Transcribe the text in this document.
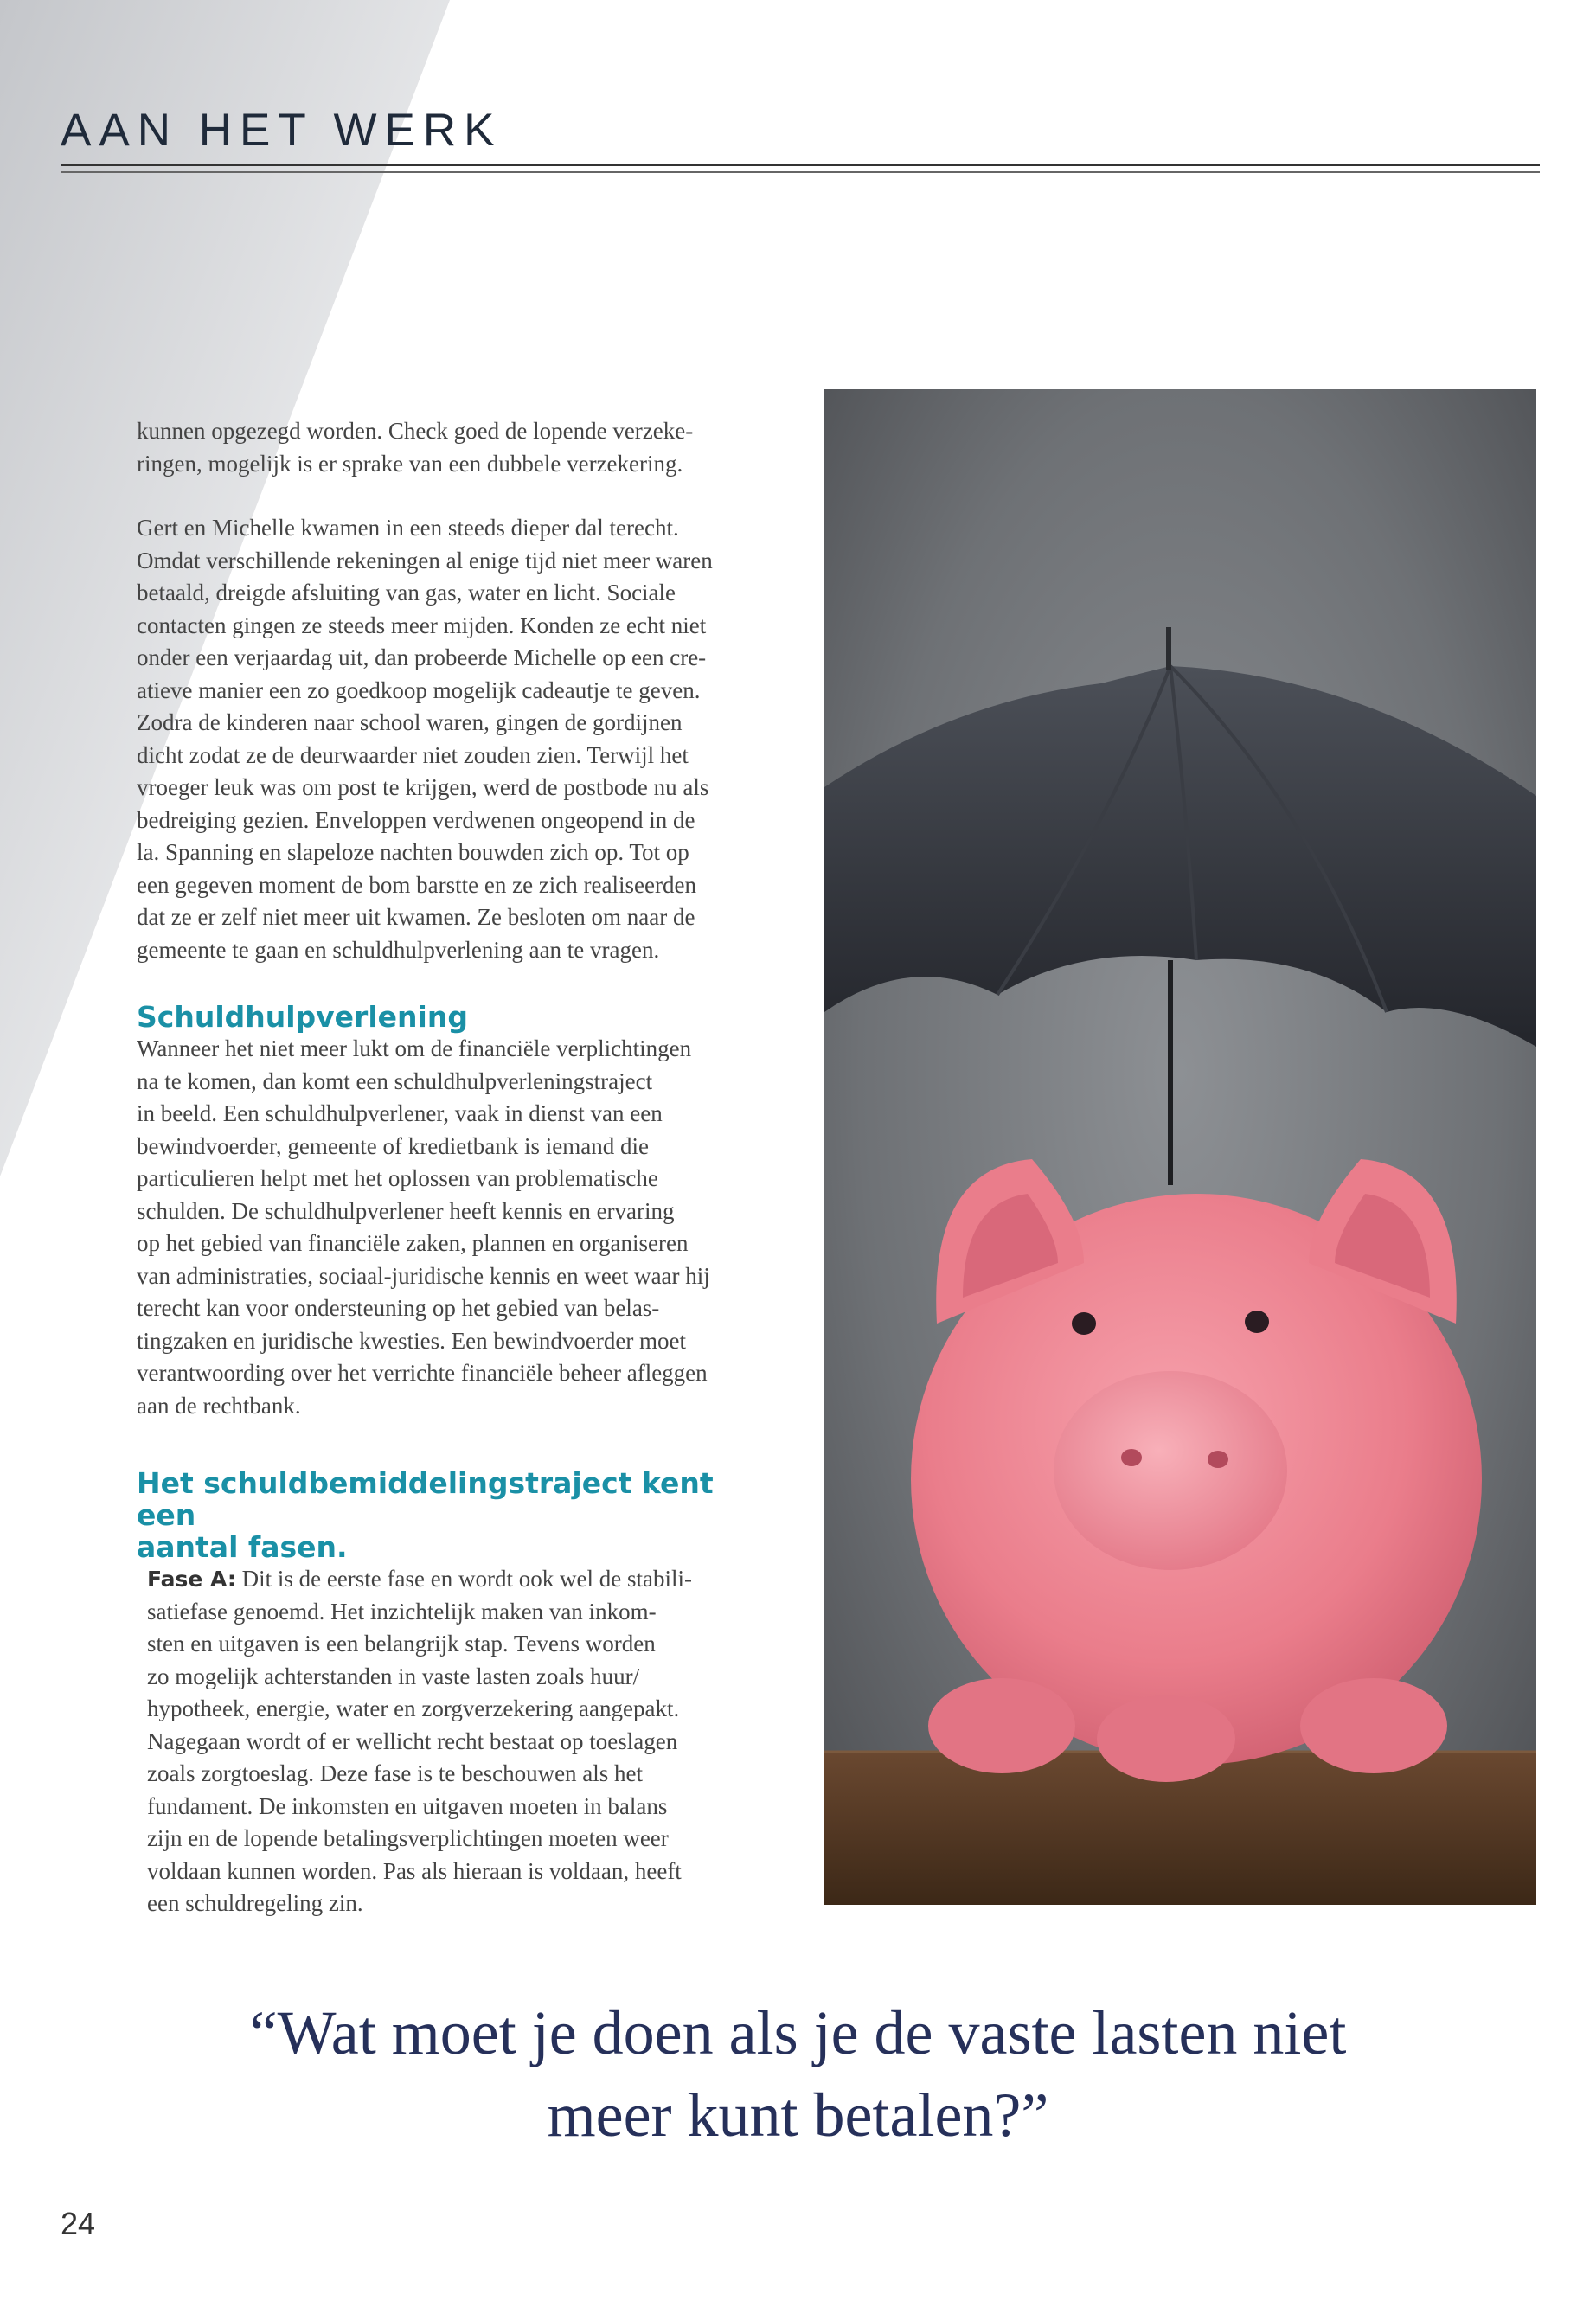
AAN HET WERK

kunnen opgezegd worden. Check goed de lopende verzeke-
ringen, mogelijk is er sprake van een dubbele verzekering.

Gert en Michelle kwamen in een steeds dieper dal terecht.
Omdat verschillende rekeningen al enige tijd niet meer waren
betaald, dreigde afsluiting van gas, water en licht. Sociale
contacten gingen ze steeds meer mijden. Konden ze echt niet
onder een verjaardag uit, dan probeerde Michelle op een cre-
atieve manier een zo goedkoop mogelijk cadeautje te geven.
Zodra de kinderen naar school waren, gingen de gordijnen
dicht zodat ze de deurwaarder niet zouden zien. Terwijl het
vroeger leuk was om post te krijgen, werd de postbode nu als
bedreiging gezien. Enveloppen verdwenen ongeopend in de
la. Spanning en slapeloze nachten bouwden zich op. Tot op
een gegeven moment de bom barstte en ze zich realiseerden
dat ze er zelf niet meer uit kwamen. Ze besloten om naar de
gemeente te gaan en schuldhulpverlening aan te vragen.

Schuldhulpverlening

Wanneer het niet meer lukt om de financiële verplichtingen
na te komen, dan komt een schuldhulpverleningstraject
in beeld. Een schuldhulpverlener, vaak in dienst van een
bewindvoerder, gemeente of kredietbank is iemand die
particulieren helpt met het oplossen van problematische
schulden. De schuldhulpverlener heeft kennis en ervaring
op het gebied van financiële zaken, plannen en organiseren
van administraties, sociaal-juridische kennis en weet waar hij
terecht kan voor ondersteuning op het gebied van belas-
tingzaken en juridische kwesties. Een bewindvoerder moet
verantwoording over het verrichte financiële beheer afleggen
aan de rechtbank.

Het schuldbemiddelingstraject kent een
aantal fasen.

Fase A: Dit is de eerste fase en wordt ook wel de stabili-
satiefase genoemd. Het inzichtelijk maken van inkom-
sten en uitgaven is een belangrijk stap. Tevens worden
zo mogelijk achterstanden in vaste lasten zoals huur/
hypotheek, energie, water en zorgverzekering aangepakt.
Nagegaan wordt of er wellicht recht bestaat op toeslagen
zoals zorgtoeslag. Deze fase is te beschouwen als het
fundament. De inkomsten en uitgaven moeten in balans
zijn en de lopende betalingsverplichtingen moeten weer
voldaan kunnen worden. Pas als hieraan is voldaan, heeft
een schuldregeling zin.

“Wat moet je doen als je de vaste lasten niet
meer kunt betalen?”
24
